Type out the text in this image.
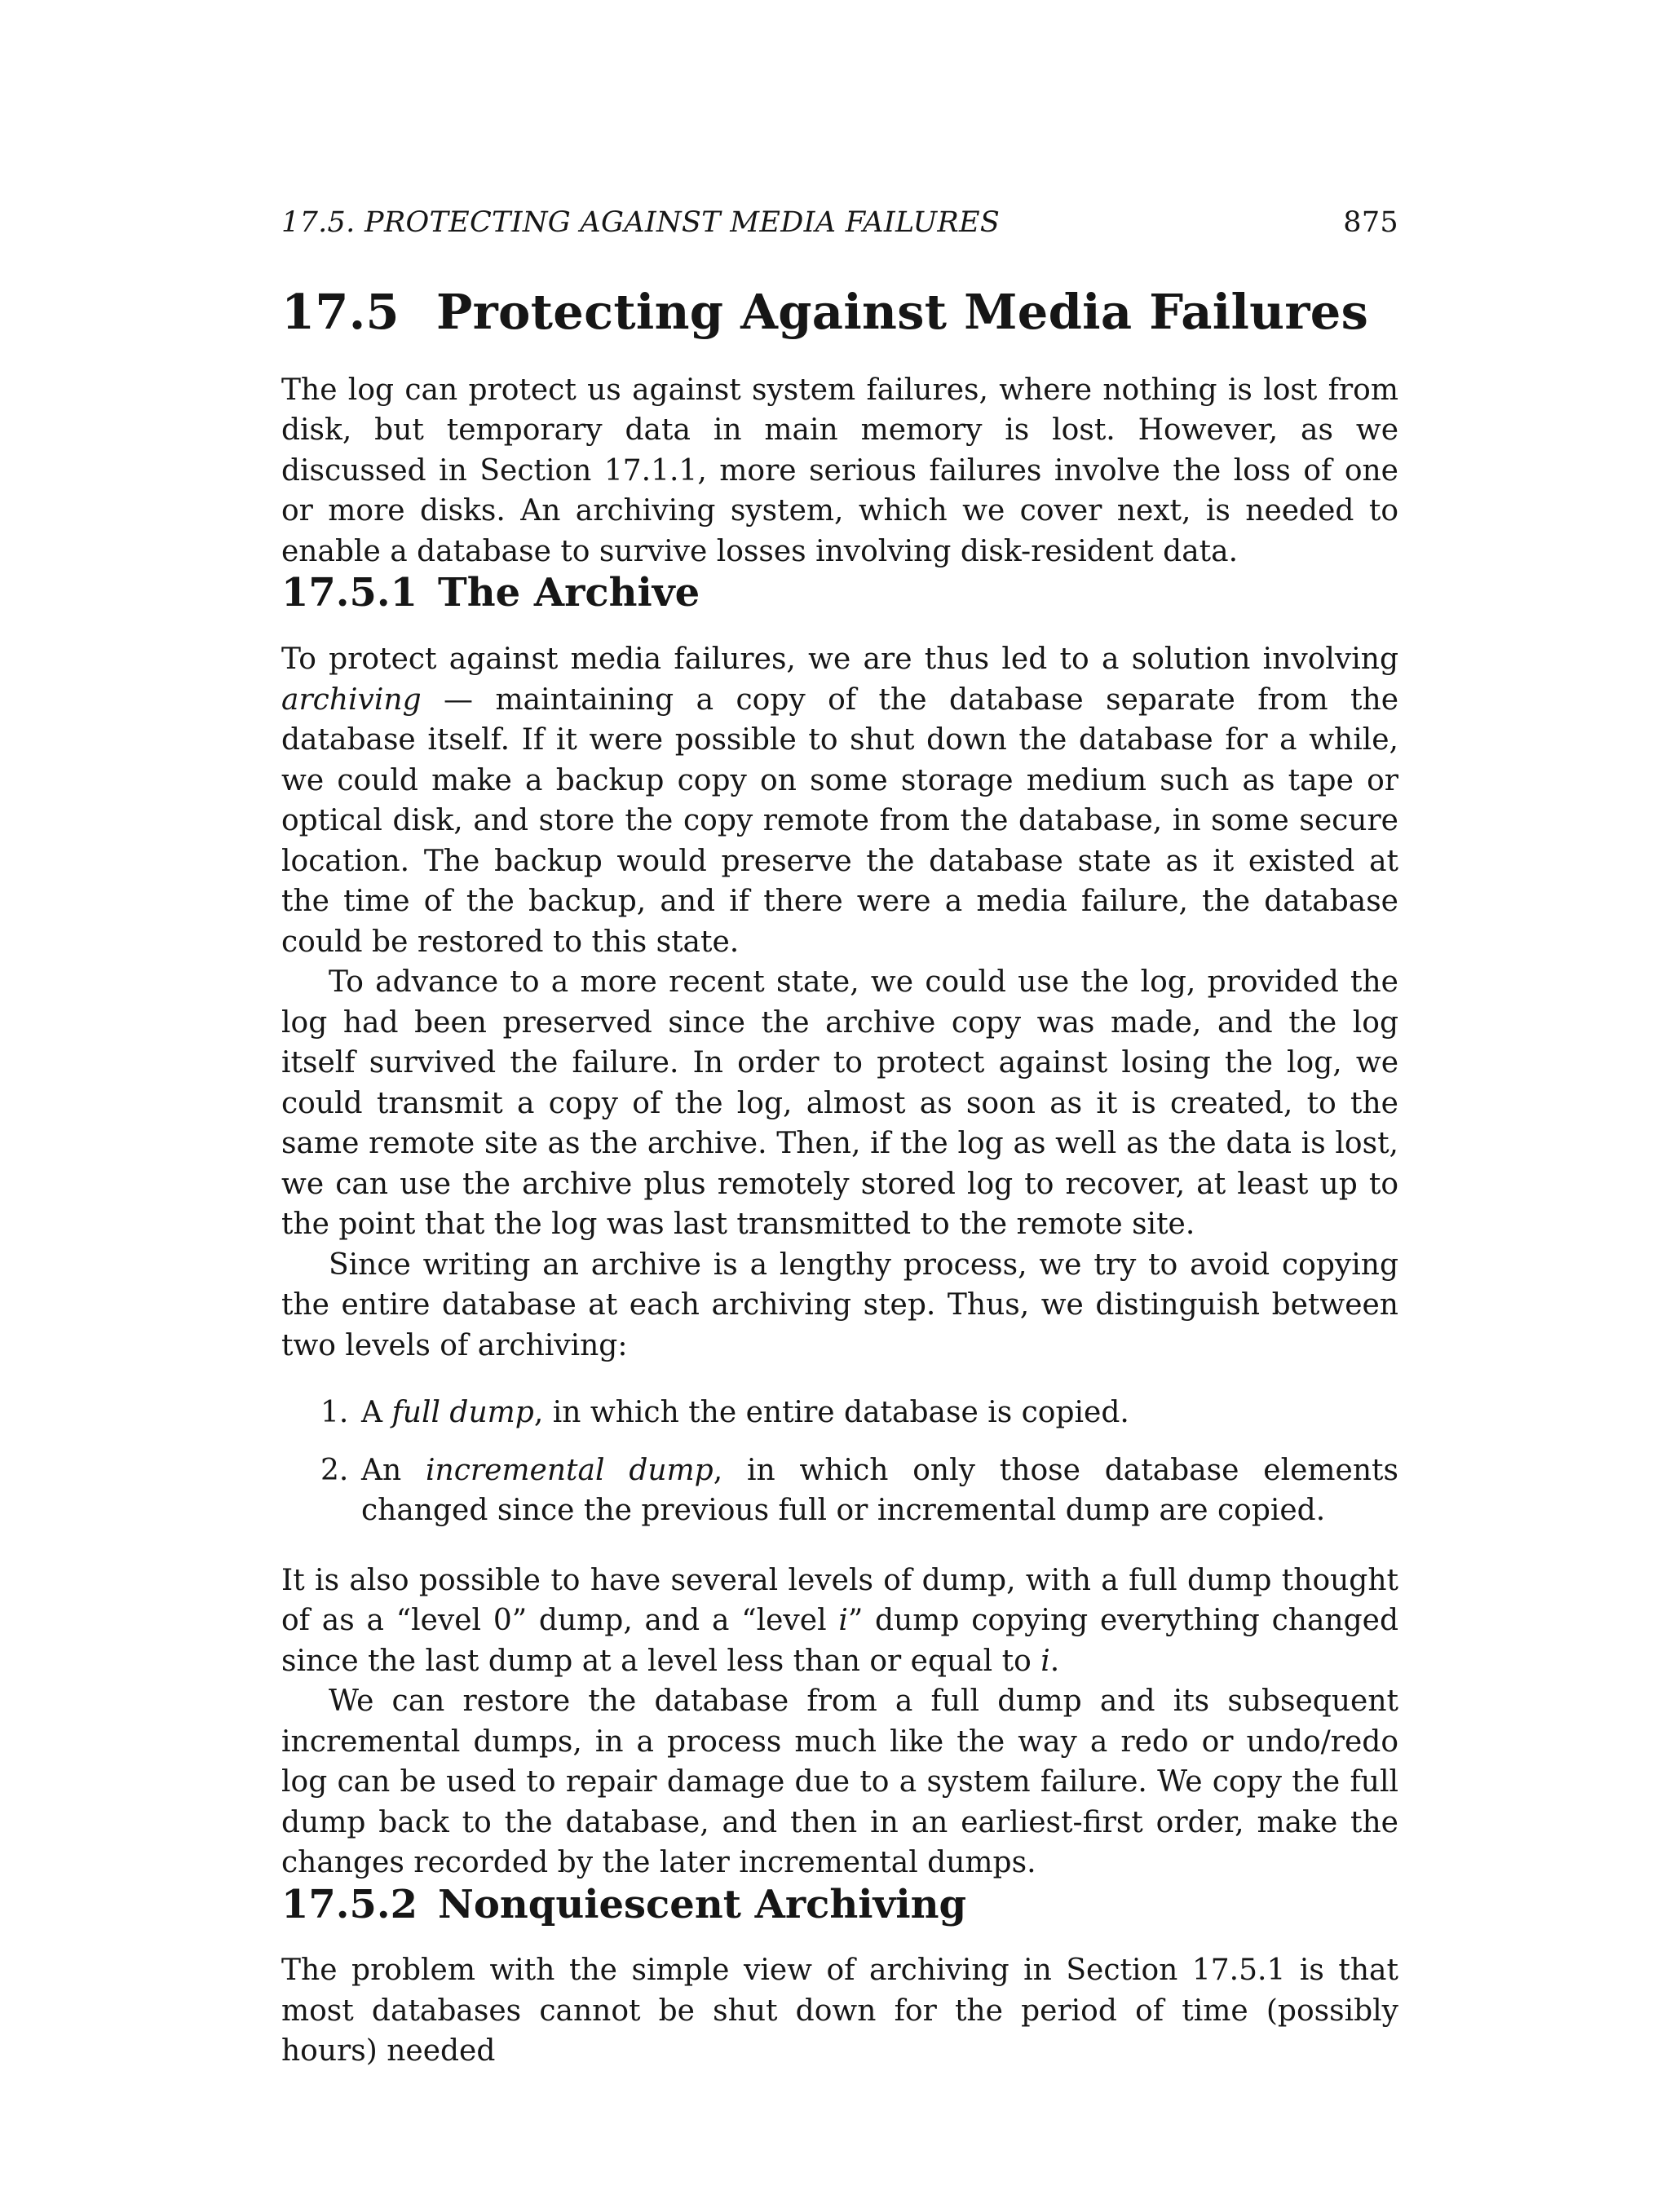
17.5. PROTECTING AGAINST MEDIA FAILURES	875
17.5 Protecting Against Media Failures

The log can protect us against system failures, where nothing is lost from disk, but temporary data in main memory is lost. However, as we discussed in Section 17.1.1, more serious failures involve the loss of one or more disks. An archiving system, which we cover next, is needed to enable a database to survive losses involving disk-resident data.

17.5.1 The Archive

To protect against media failures, we are thus led to a solution involving archiving — maintaining a copy of the database separate from the database itself. If it were possible to shut down the database for a while, we could make a backup copy on some storage medium such as tape or optical disk, and store the copy remote from the database, in some secure location. The backup would preserve the database state as it existed at the time of the backup, and if there were a media failure, the database could be restored to this state.

To advance to a more recent state, we could use the log, provided the log had been preserved since the archive copy was made, and the log itself survived the failure. In order to protect against losing the log, we could transmit a copy of the log, almost as soon as it is created, to the same remote site as the archive. Then, if the log as well as the data is lost, we can use the archive plus remotely stored log to recover, at least up to the point that the log was last transmitted to the remote site.

Since writing an archive is a lengthy process, we try to avoid copying the entire database at each archiving step. Thus, we distinguish between two levels of archiving:

1. A full dump, in which the entire database is copied.
2. An incremental dump, in which only those database elements changed since the previous full or incremental dump are copied.

It is also possible to have several levels of dump, with a full dump thought of as a “level 0” dump, and a “level i” dump copying everything changed since the last dump at a level less than or equal to i.

We can restore the database from a full dump and its subsequent incremental dumps, in a process much like the way a redo or undo/redo log can be used to repair damage due to a system failure. We copy the full dump back to the database, and then in an earliest-first order, make the changes recorded by the later incremental dumps.

17.5.2 Nonquiescent Archiving

The problem with the simple view of archiving in Section 17.5.1 is that most databases cannot be shut down for the period of time (possibly hours) needed
